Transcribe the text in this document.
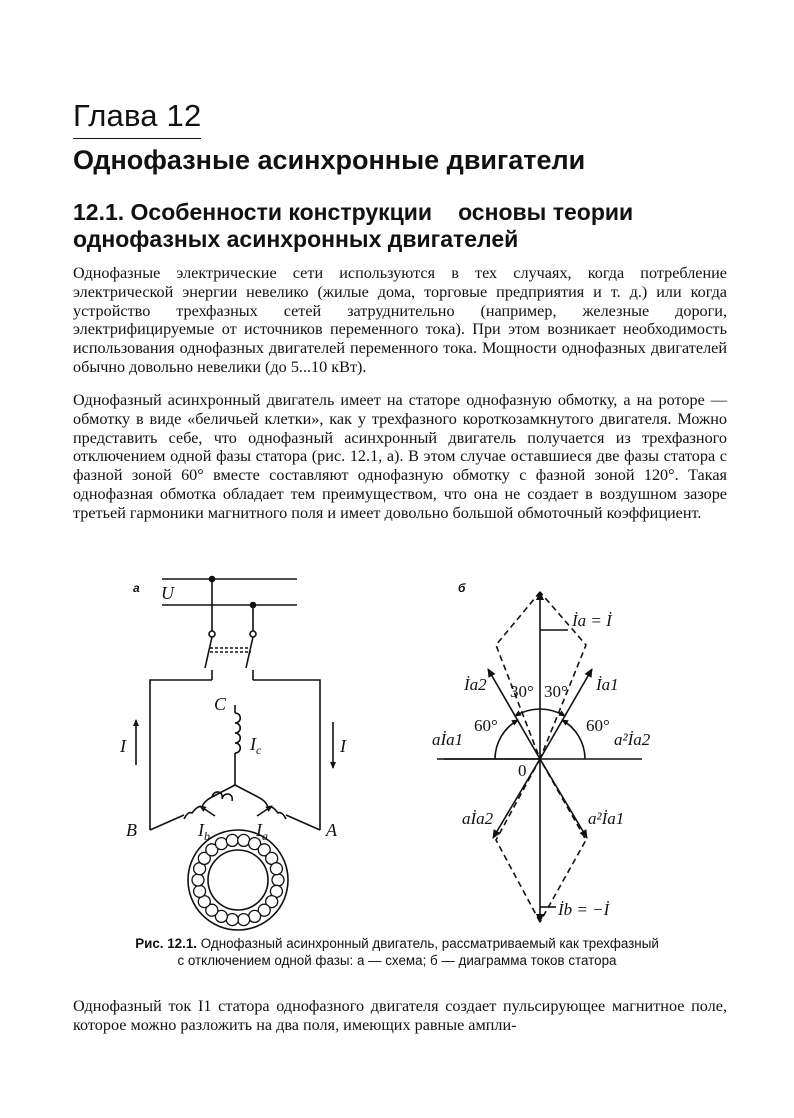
Глава 12
Однофазные асинхронные двигатели
12.1. Особенности конструкции основы теории
однофазных асинхронных двигателей

Однофазные электрические сети используются в тех случаях, когда потребление электрической энергии невелико (жилые дома, торговые предприятия и т. д.) или когда устройство трехфазных сетей затруднительно (например, железные дороги, электрифицируемые от источников переменного тока). При этом возникает необходимость использования однофазных двигателей переменного тока. Мощности однофазных двигателей обычно довольно невелики (до 5...10 кВт).

Однофазный асинхронный двигатель имеет на статоре однофазную обмотку, а на роторе — обмотку в виде «беличьей клетки», как у трехфазного короткозамкнутого двигателя. Можно представить себе, что однофазный асинхронный двигатель получается из трехфазного отключением одной фазы статора (рис. 12.1, а). В этом случае оставшиеся две фазы статора с фазной зоной 60° вместе составляют однофазную обмотку с фазной зоной 120°. Такая однофазная обмотка обладает тем преимуществом, что она не создает в воздушном зазоре третьей гармоники магнитного поля и имеет довольно большой обмоточный коэффициент.

а U
C
$I_c$
I	I
B	A
$I_b$	$I_a$
б
İa = İ
İb = −İ
İa2	İa1
aİa1	a²İa2
aİa2	a²İa1
30° 30°
60°	60°
0
Рис. 12.1. Однофазный асинхронный двигатель, рассматриваемый как трехфазный
с отключением одной фазы: а — схема; б — диаграмма токов статора

Однофазный ток I1 статора однофазного двигателя создает пульсирующее магнитное поле, которое можно разложить на два поля, имеющих равные ампли-
